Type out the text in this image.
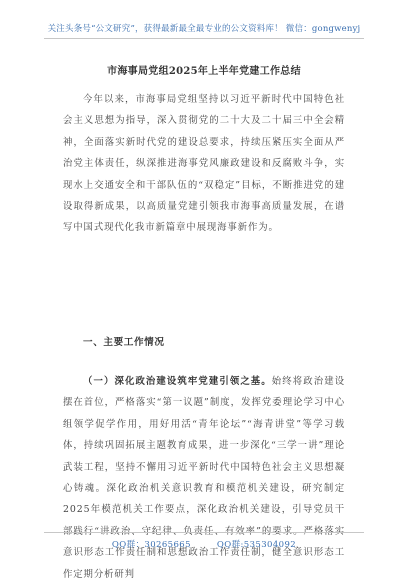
关注头条号“公文研究”，获得最新最全最专业的公文资料库！ 微信：gongwenyj
市海事局党组2025年上半年党建工作总结
今年以来，市海事局党组坚持以习近平新时代中国特色社会主义思想为指导，深入贯彻党的二十大及二十届三中全会精神，全面落实新时代党的建设总要求，持续压紧压实全面从严治党主体责任，纵深推进海事党风廉政建设和反腐败斗争，实现水上交通安全和干部队伍的“双稳定”目标，不断推进党的建设取得新成果，以高质量党建引领我市海事高质量发展，在谱写中国式现代化我市新篇章中展现海事新作为。
一、主要工作情况
（一）深化政治建设筑牢党建引领之基。始终将政治建设摆在首位，严格落实“第一议题”制度，发挥党委理论学习中心组领学促学作用，用好用活“青年论坛”“海青讲堂”等学习载体，持续巩固拓展主题教育成果，进一步深化“三学一讲”理论武装工程，坚持不懈用习近平新时代中国特色社会主义思想凝心铸魂。深化政治机关意识教育和模范机关建设，研究制定2025年模范机关工作要点，深化政治机关建设，引导党员干部践行“讲政治、守纪律、负责任、有效率”的要求。严格落实意识形态工作责任制和思想政治工作责任制，健全意识形态工作定期分析研判
QQ群：30265665	QQ群:535304092
